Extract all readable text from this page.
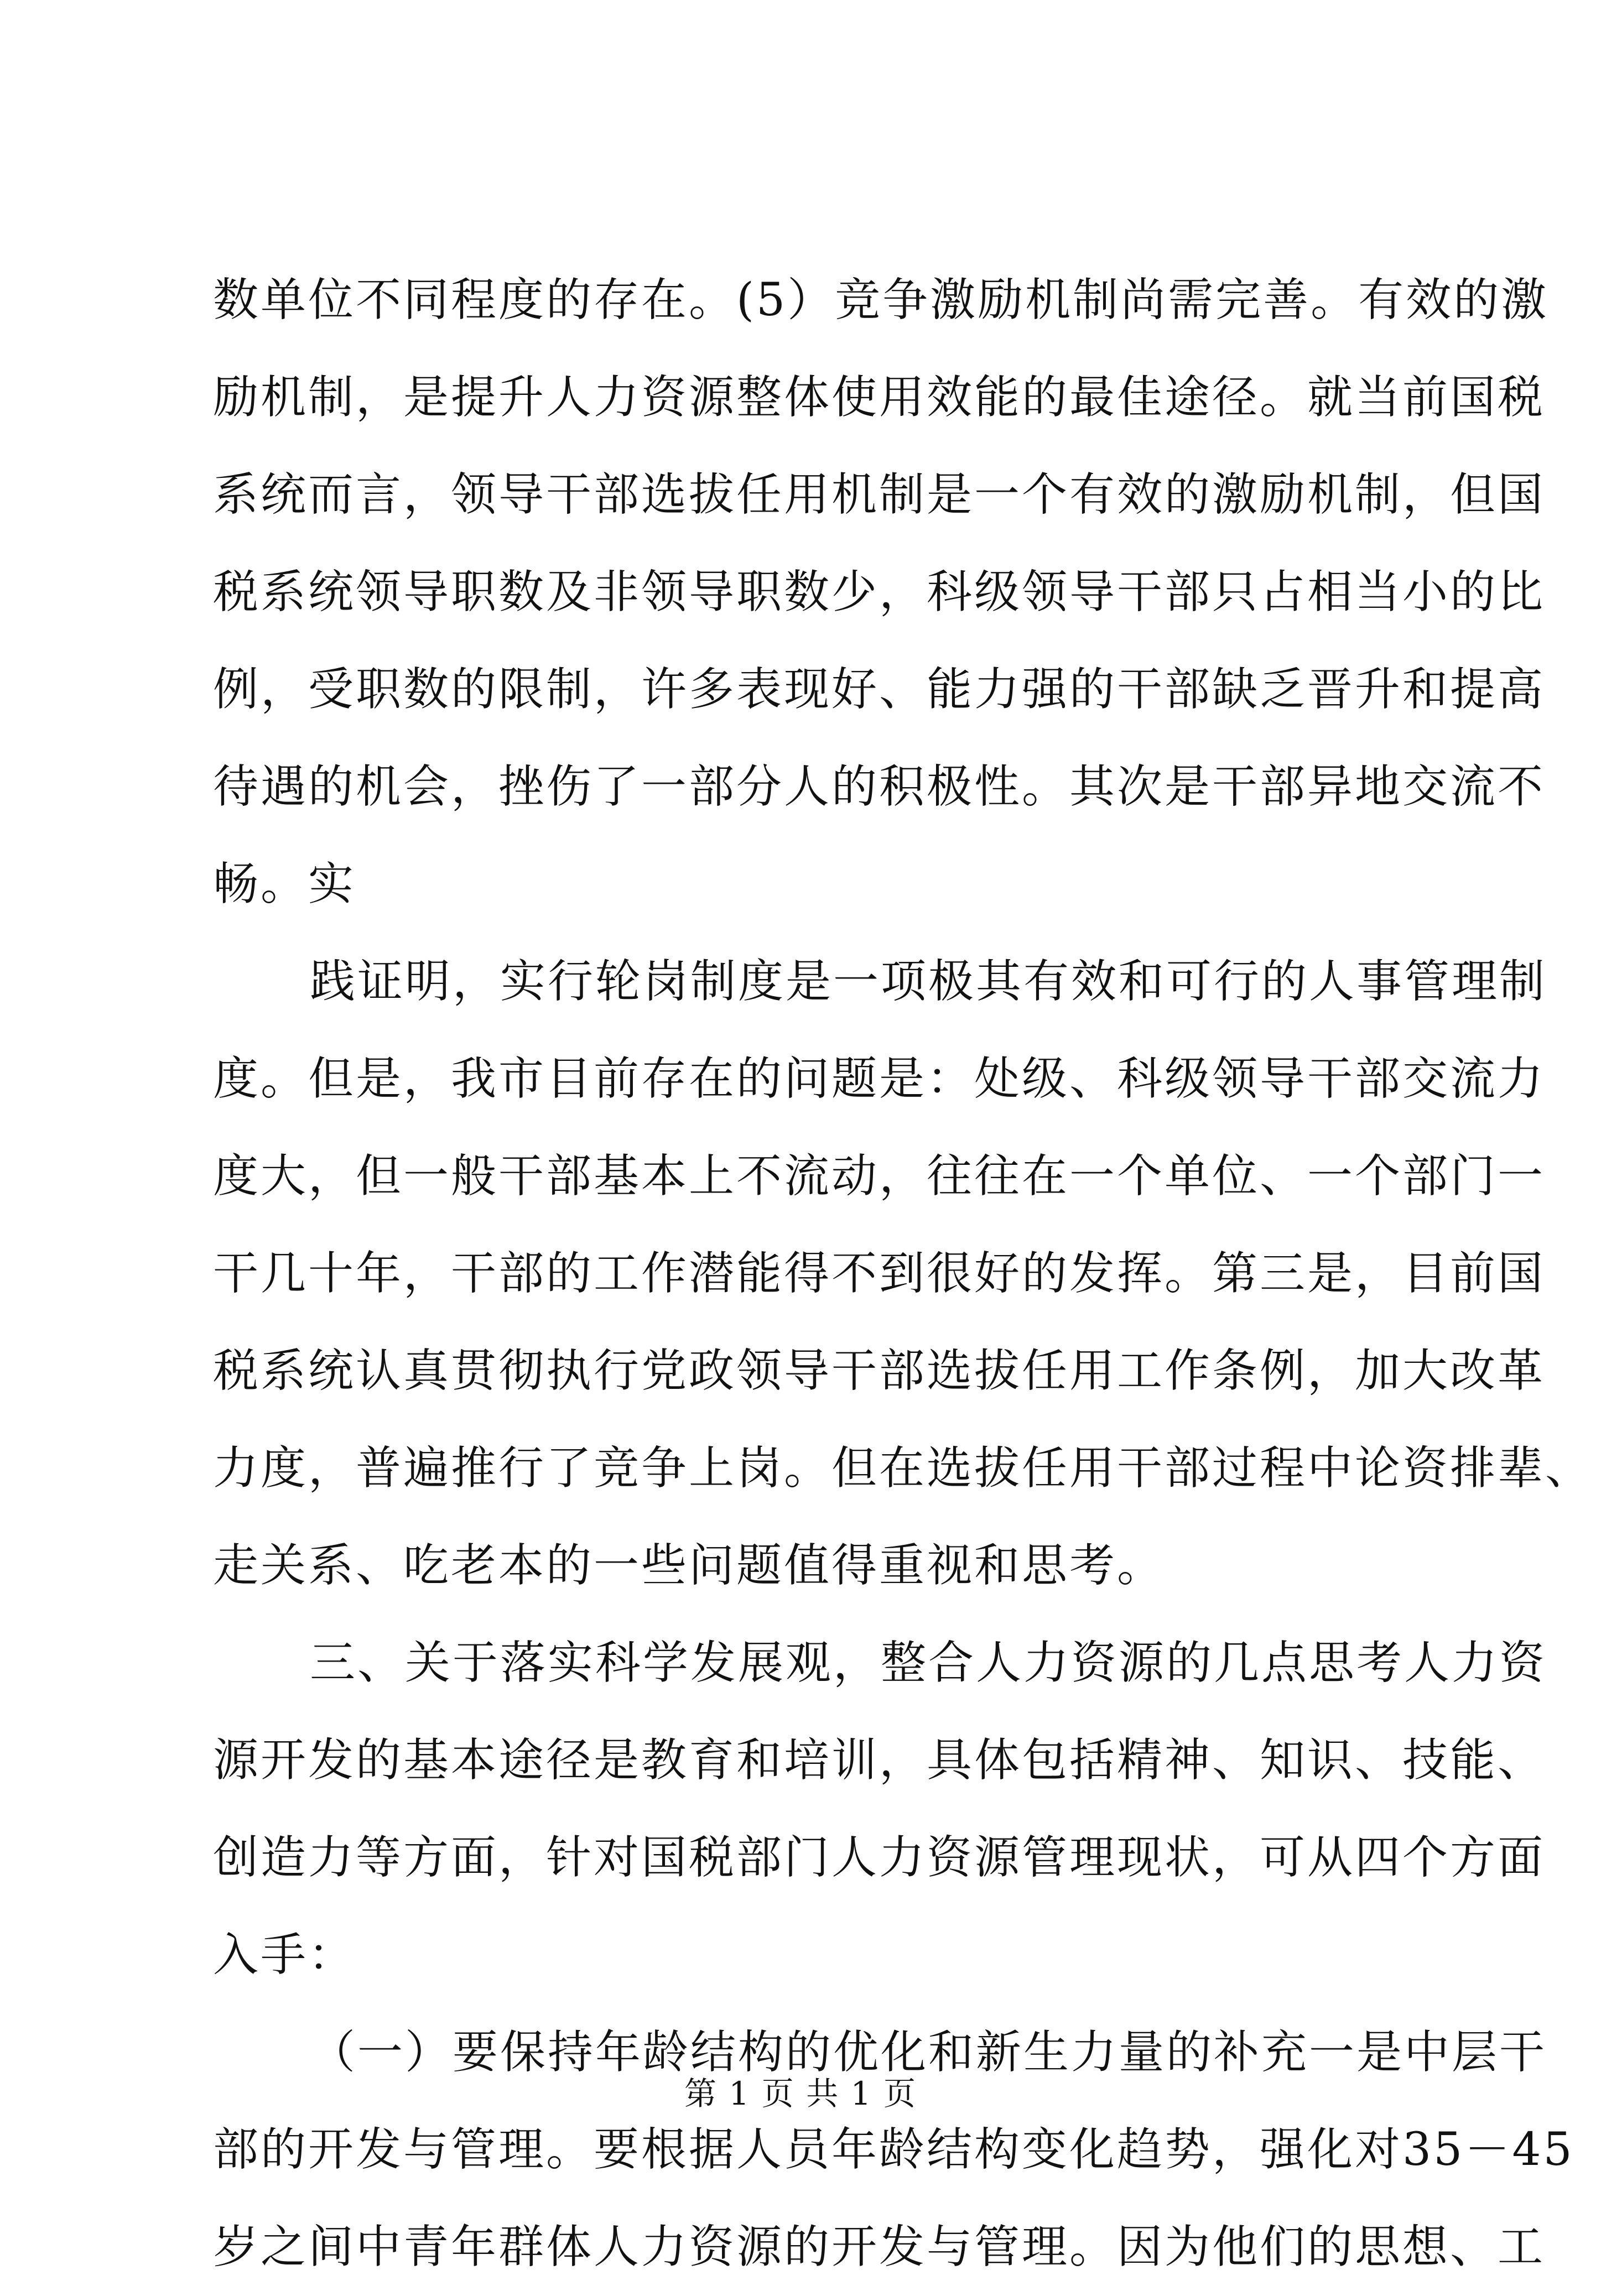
数单位不同程度的存在。(5）竞争激励机制尚需完善。有效的激
励机制，是提升人力资源整体使用效能的最佳途径。就当前国税
系统而言，领导干部选拔任用机制是一个有效的激励机制，但国
税系统领导职数及非领导职数少，科级领导干部只占相当小的比
例，受职数的限制，许多表现好、能力强的干部缺乏晋升和提高
待遇的机会，挫伤了一部分人的积极性。其次是干部异地交流不
畅。实
践证明，实行轮岗制度是一项极其有效和可行的人事管理制
度。但是，我市目前存在的问题是：处级、科级领导干部交流力
度大，但一般干部基本上不流动，往往在一个单位、一个部门一
干几十年，干部的工作潜能得不到很好的发挥。第三是，目前国
税系统认真贯彻执行党政领导干部选拔任用工作条例，加大改革
力度，普遍推行了竞争上岗。但在选拔任用干部过程中论资排辈、
走关系、吃老本的一些问题值得重视和思考。
三、关于落实科学发展观，整合人力资源的几点思考人力资
源开发的基本途径是教育和培训，具体包括精神、知识、技能、
创造力等方面，针对国税部门人力资源管理现状，可从四个方面
入手：
（一）要保持年龄结构的优化和新生力量的补充一是中层干
部的开发与管理。要根据人员年龄结构变化趋势，强化对35－45
岁之间中青年群体人力资源的开发与管理。因为他们的思想、工
第 1 页 共 1 页
